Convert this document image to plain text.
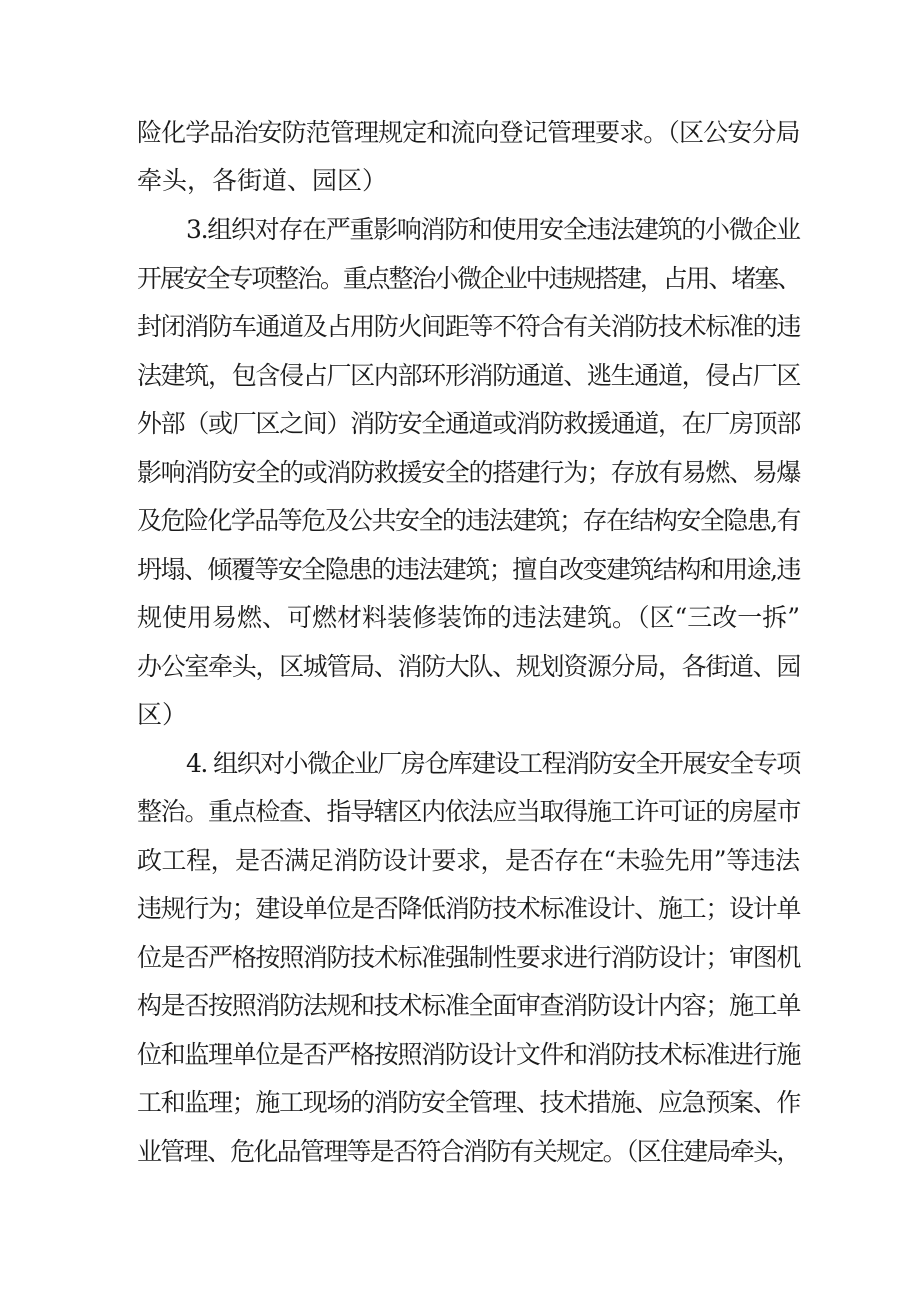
险化学品治安防范管理规定和流向登记管理要求。（区公安分局

牵头，各街道、园区）

3.组织对存在严重影响消防和使用安全违法建筑的小微企业

开展安全专项整治。重点整治小微企业中违规搭建，占用、堵塞、

封闭消防车通道及占用防火间距等不符合有关消防技术标准的违

法建筑，包含侵占厂区内部环形消防通道、逃生通道，侵占厂区

外部（或厂区之间）消防安全通道或消防救援通道，在厂房顶部

影响消防安全的或消防救援安全的搭建行为；存放有易燃、易爆

及危险化学品等危及公共安全的违法建筑；存在结构安全隐患,有

坍塌、倾覆等安全隐患的违法建筑；擅自改变建筑结构和用途,违

规使用易燃、可燃材料装修装饰的违法建筑。（区“三改一拆”

办公室牵头，区城管局、消防大队、规划资源分局，各街道、园

区）

4. 组织对小微企业厂房仓库建设工程消防安全开展安全专项

整治。重点检查、指导辖区内依法应当取得施工许可证的房屋市

政工程，是否满足消防设计要求，是否存在“未验先用”等违法

违规行为；建设单位是否降低消防技术标准设计、施工；设计单

位是否严格按照消防技术标准强制性要求进行消防设计；审图机

构是否按照消防法规和技术标准全面审查消防设计内容；施工单

位和监理单位是否严格按照消防设计文件和消防技术标准进行施

工和监理；施工现场的消防安全管理、技术措施、应急预案、作

业管理、危化品管理等是否符合消防有关规定。（区住建局牵头，
